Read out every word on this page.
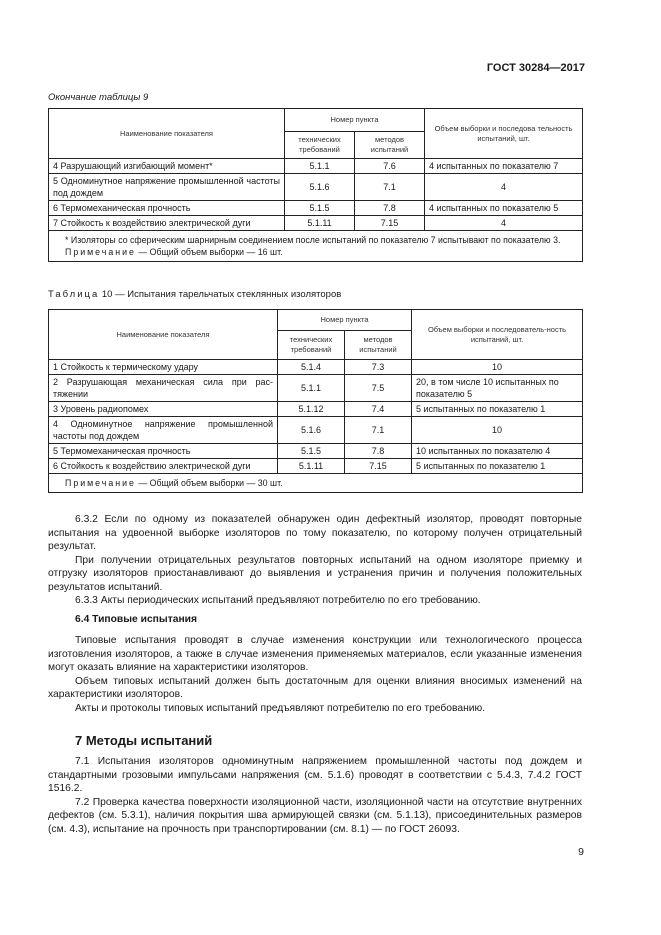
ГОСТ 30284—2017
Окончание таблицы 9
Наименование показателя	Номер пункта		Объем выборки и последова тельность испытаний, шт.
	технических требований	методов испытаний	
4 Разрушающий изгибающий момент*	5.1.1	7.6	4 испытанных по показателю 7
5 Одноминутное напряжение промышленной частоты под дождем	5.1.6	7.1	4
6 Термомеханическая прочность	5.1.5	7.8	4 испытанных по показателю 5
7 Стойкость к воздействию электрической дуги	5.1.11	7.15	4

* Изоляторы со сферическим шарнирным соединением после испытаний по показателю 7 испытывают по показателю 3.
Примечание — Общий объем выборки — 16 шт.			
Таблица 10 — Испытания тарельчатых стеклянных изоляторов
Наименование показателя	Номер пункта		Объем выборки и последователь-ность испытаний, шт.
	технических требований	методов испытаний	
1 Стойкость к термическому удару	5.1.4	7.3	10
2 Разрушающая механическая сила при рас-тяжении	5.1.1	7.5	20, в том числе 10 испытанных по показателю 5
3 Уровень радиопомех	5.1.12	7.4	5 испытанных по показателю 1
4 Одноминутное напряжение промышленной частоты под дождем	5.1.6	7.1	10
5 Термомеханическая прочность	5.1.5	7.8	10 испытанных по показателю 4
6 Стойкость к воздействию электрической дуги	5.1.11	7.15	5 испытанных по показателю 1
Примечание — Общий объем выборки — 30 шт.			

6.3.2 Если по одному из показателей обнаружен один дефектный изолятор, проводят повторные испытания на удвоенной выборке изоляторов по тому показателю, по которому получен отрицательный результат.

При получении отрицательных результатов повторных испытаний на одном изоляторе приемку и отгрузку изоляторов приостанавливают до выявления и устранения причин и получения положительных результатов испытаний.

6.3.3 Акты периодических испытаний предъявляют потребителю по его требованию.

6.4 Типовые испытания

Типовые испытания проводят в случае изменения конструкции или технологического процесса изготовления изоляторов, а также в случае изменения применяемых материалов, если указанные изменения могут оказать влияние на характеристики изоляторов.

Объем типовых испытаний должен быть достаточным для оценки влияния вносимых изменений на характеристики изоляторов.

Акты и протоколы типовых испытаний предъявляют потребителю по его требованию.

7 Методы испытаний

7.1 Испытания изоляторов одноминутным напряжением промышленной частоты под дождем и стандартными грозовыми импульсами напряжения (см. 5.1.6) проводят в соответствии с 5.4.3, 7.4.2 ГОСТ 1516.2.

7.2 Проверка качества поверхности изоляционной части, изоляционной части на отсутствие внутренних дефектов (см. 5.3.1), наличия покрытия шва армирующей связки (см. 5.1.13), присоединительных размеров (см. 4.3), испытание на прочность при транспортировании (см. 8.1) — по ГОСТ 26093.

9
